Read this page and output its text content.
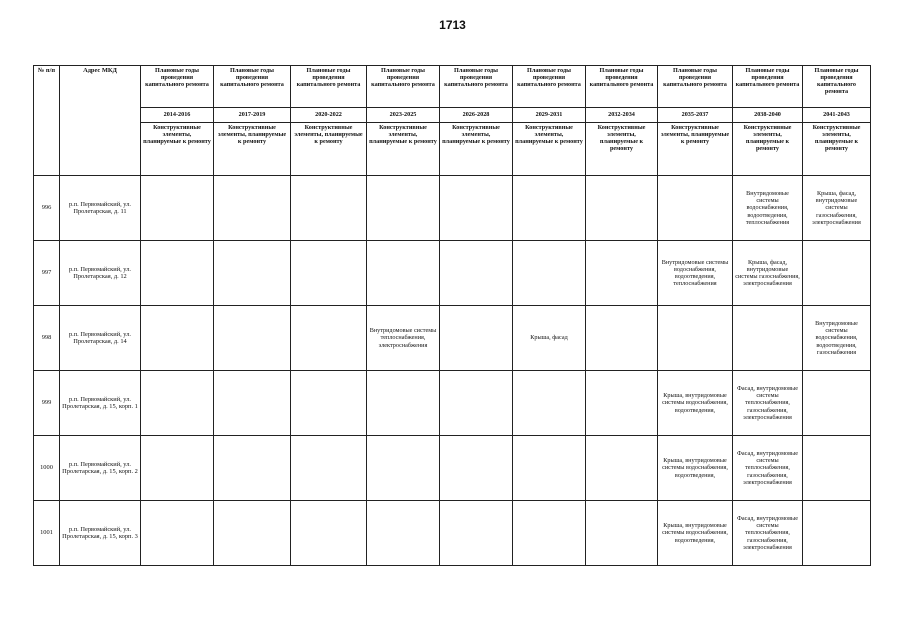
1713
№ п/п	Адрес МКД	Плановые годы проведения капитального ремонта	Плановые годы проведения капитального ремонта	Плановые годы проведения капитального ремонта	Плановые годы проведения капитального ремонта	Плановые годы проведения капитального ремонта	Плановые годы проведения капитального ремонта	Плановые годы проведения капитального ремонта	Плановые годы проведения капитального ремонта	Плановые годы проведения капитального ремонта	Плановые годы проведения капитального ремонта
		2014-2016	2017-2019	2020-2022	2023-2025	2026-2028	2029-2031	2032-2034	2035-2037	2038-2040	2041-2043
		Конструктивные элементы, планируемые к ремонту	Конструктивные элементы, планируемые к ремонту	Конструктивные элементы, планируемые к ремонту	Конструктивные элементы, планируемые к ремонту	Конструктивные элементы, планируемые к ремонту	Конструктивные элементы, планируемые к ремонту	Конструктивные элементы, планируемые к ремонту	Конструктивные элементы, планируемые к ремонту	Конструктивные элементы, планируемые к ремонту	Конструктивные элементы, планируемые к ремонту
996	р.п. Первомайский, ул. Пролетарская, д. 11									Внутридомовые системы водоснабжения, водоотведения, теплоснабжения	Крыша, фасад, внутридомовые системы газоснабжения, электроснабжения
997	р.п. Первомайский, ул. Пролетарская, д. 12								Внутридомовые системы водоснабжения, водоотведения, теплоснабжения	Крыша, фасад, внутридомовые системы газоснабжения, электроснабжения	
998	р.п. Первомайский, ул. Пролетарская, д. 14				Внутридомовые системы теплоснабжения, электроснабжения		Крыша, фасад				Внутридомовые системы водоснабжения, водоотведения, газоснабжения
999	р.п. Первомайский, ул. Пролетарская, д. 15, корп. 1								Крыша, внутридомовые системы водоснабжения, водоотведения,	Фасад, внутридомовые системы теплоснабжения, газоснабжения, электроснабжения	
1000	р.п. Первомайский, ул. Пролетарская, д. 15, корп. 2								Крыша, внутридомовые системы водоснабжения, водоотведения,	Фасад, внутридомовые системы теплоснабжения, газоснабжения, электроснабжения	
1001	р.п. Первомайский, ул. Пролетарская, д. 15, корп. 3								Крыша, внутридомовые системы водоснабжения, водоотведения,	Фасад, внутридомовые системы теплоснабжения, газоснабжения, электроснабжения	
